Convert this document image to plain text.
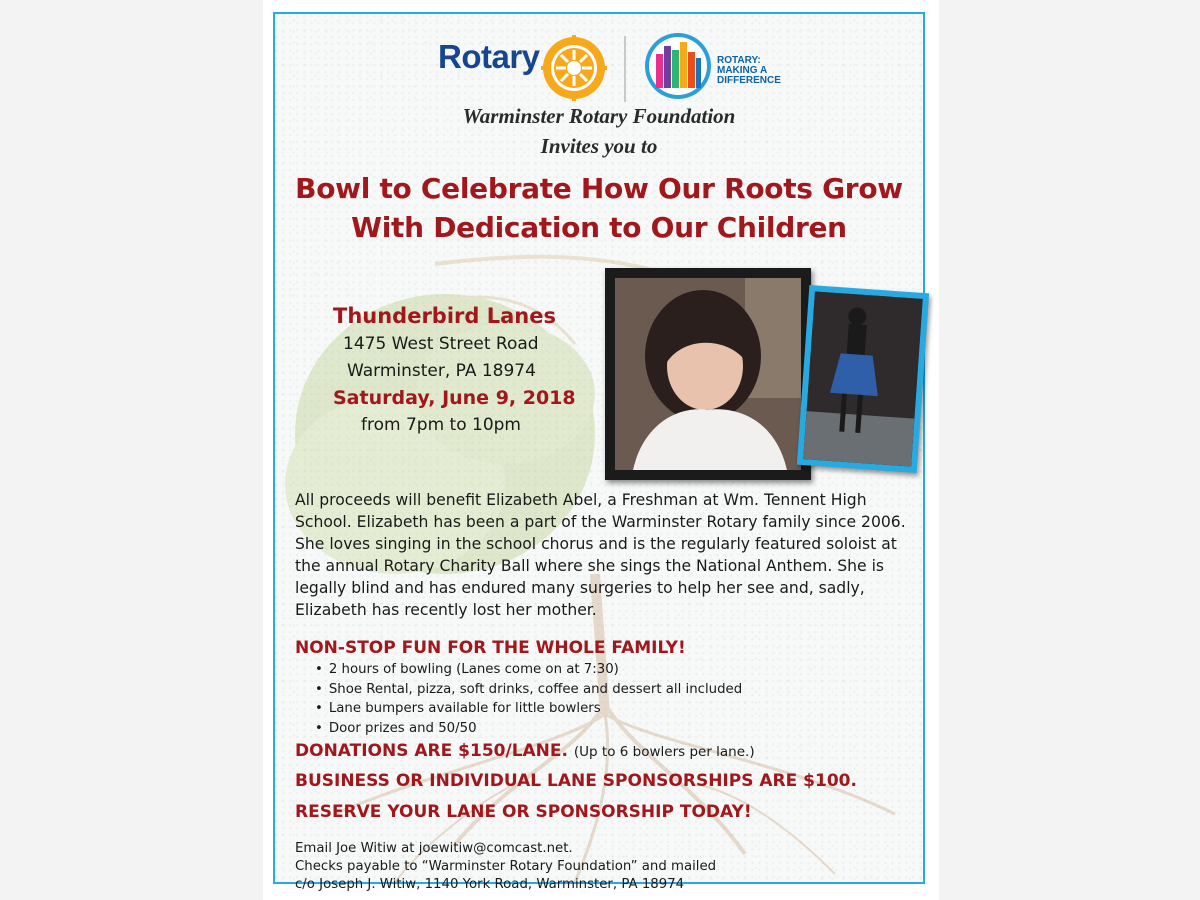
Rotary	ROTARY:
MAKING A
DIFFERENCE
Warminster Rotary Foundation
Invites you to
Bowl to Celebrate How Our Roots Grow
With Dedication to Our Children
Thunderbird Lanes
1475 West Street Road
Warminster, PA 18974
Saturday, June 9, 2018
from 7pm to 10pm
All proceeds will benefit Elizabeth Abel, a Freshman at Wm. Tennent High School. Elizabeth has been a part of the Warminster Rotary family since 2006. She loves singing in the school chorus and is the regularly featured soloist at the annual Rotary Charity Ball where she sings the National Anthem. She is legally blind and has endured many surgeries to help her see and, sadly, Elizabeth has recently lost her mother.
NON-STOP FUN FOR THE WHOLE FAMILY!
• 2 hours of bowling (Lanes come on at 7:30)
• Shoe Rental, pizza, soft drinks, coffee and dessert all included
• Lane bumpers available for little bowlers
• Door prizes and 50/50
DONATIONS ARE $150/LANE. (Up to 6 bowlers per lane.)
BUSINESS OR INDIVIDUAL LANE SPONSORSHIPS ARE $100.
RESERVE YOUR LANE OR SPONSORSHIP TODAY!
Email Joe Witiw at joewitiw@comcast.net.
Checks payable to “Warminster Rotary Foundation” and mailed
c/o Joseph J. Witiw, 1140 York Road, Warminster, PA 18974
